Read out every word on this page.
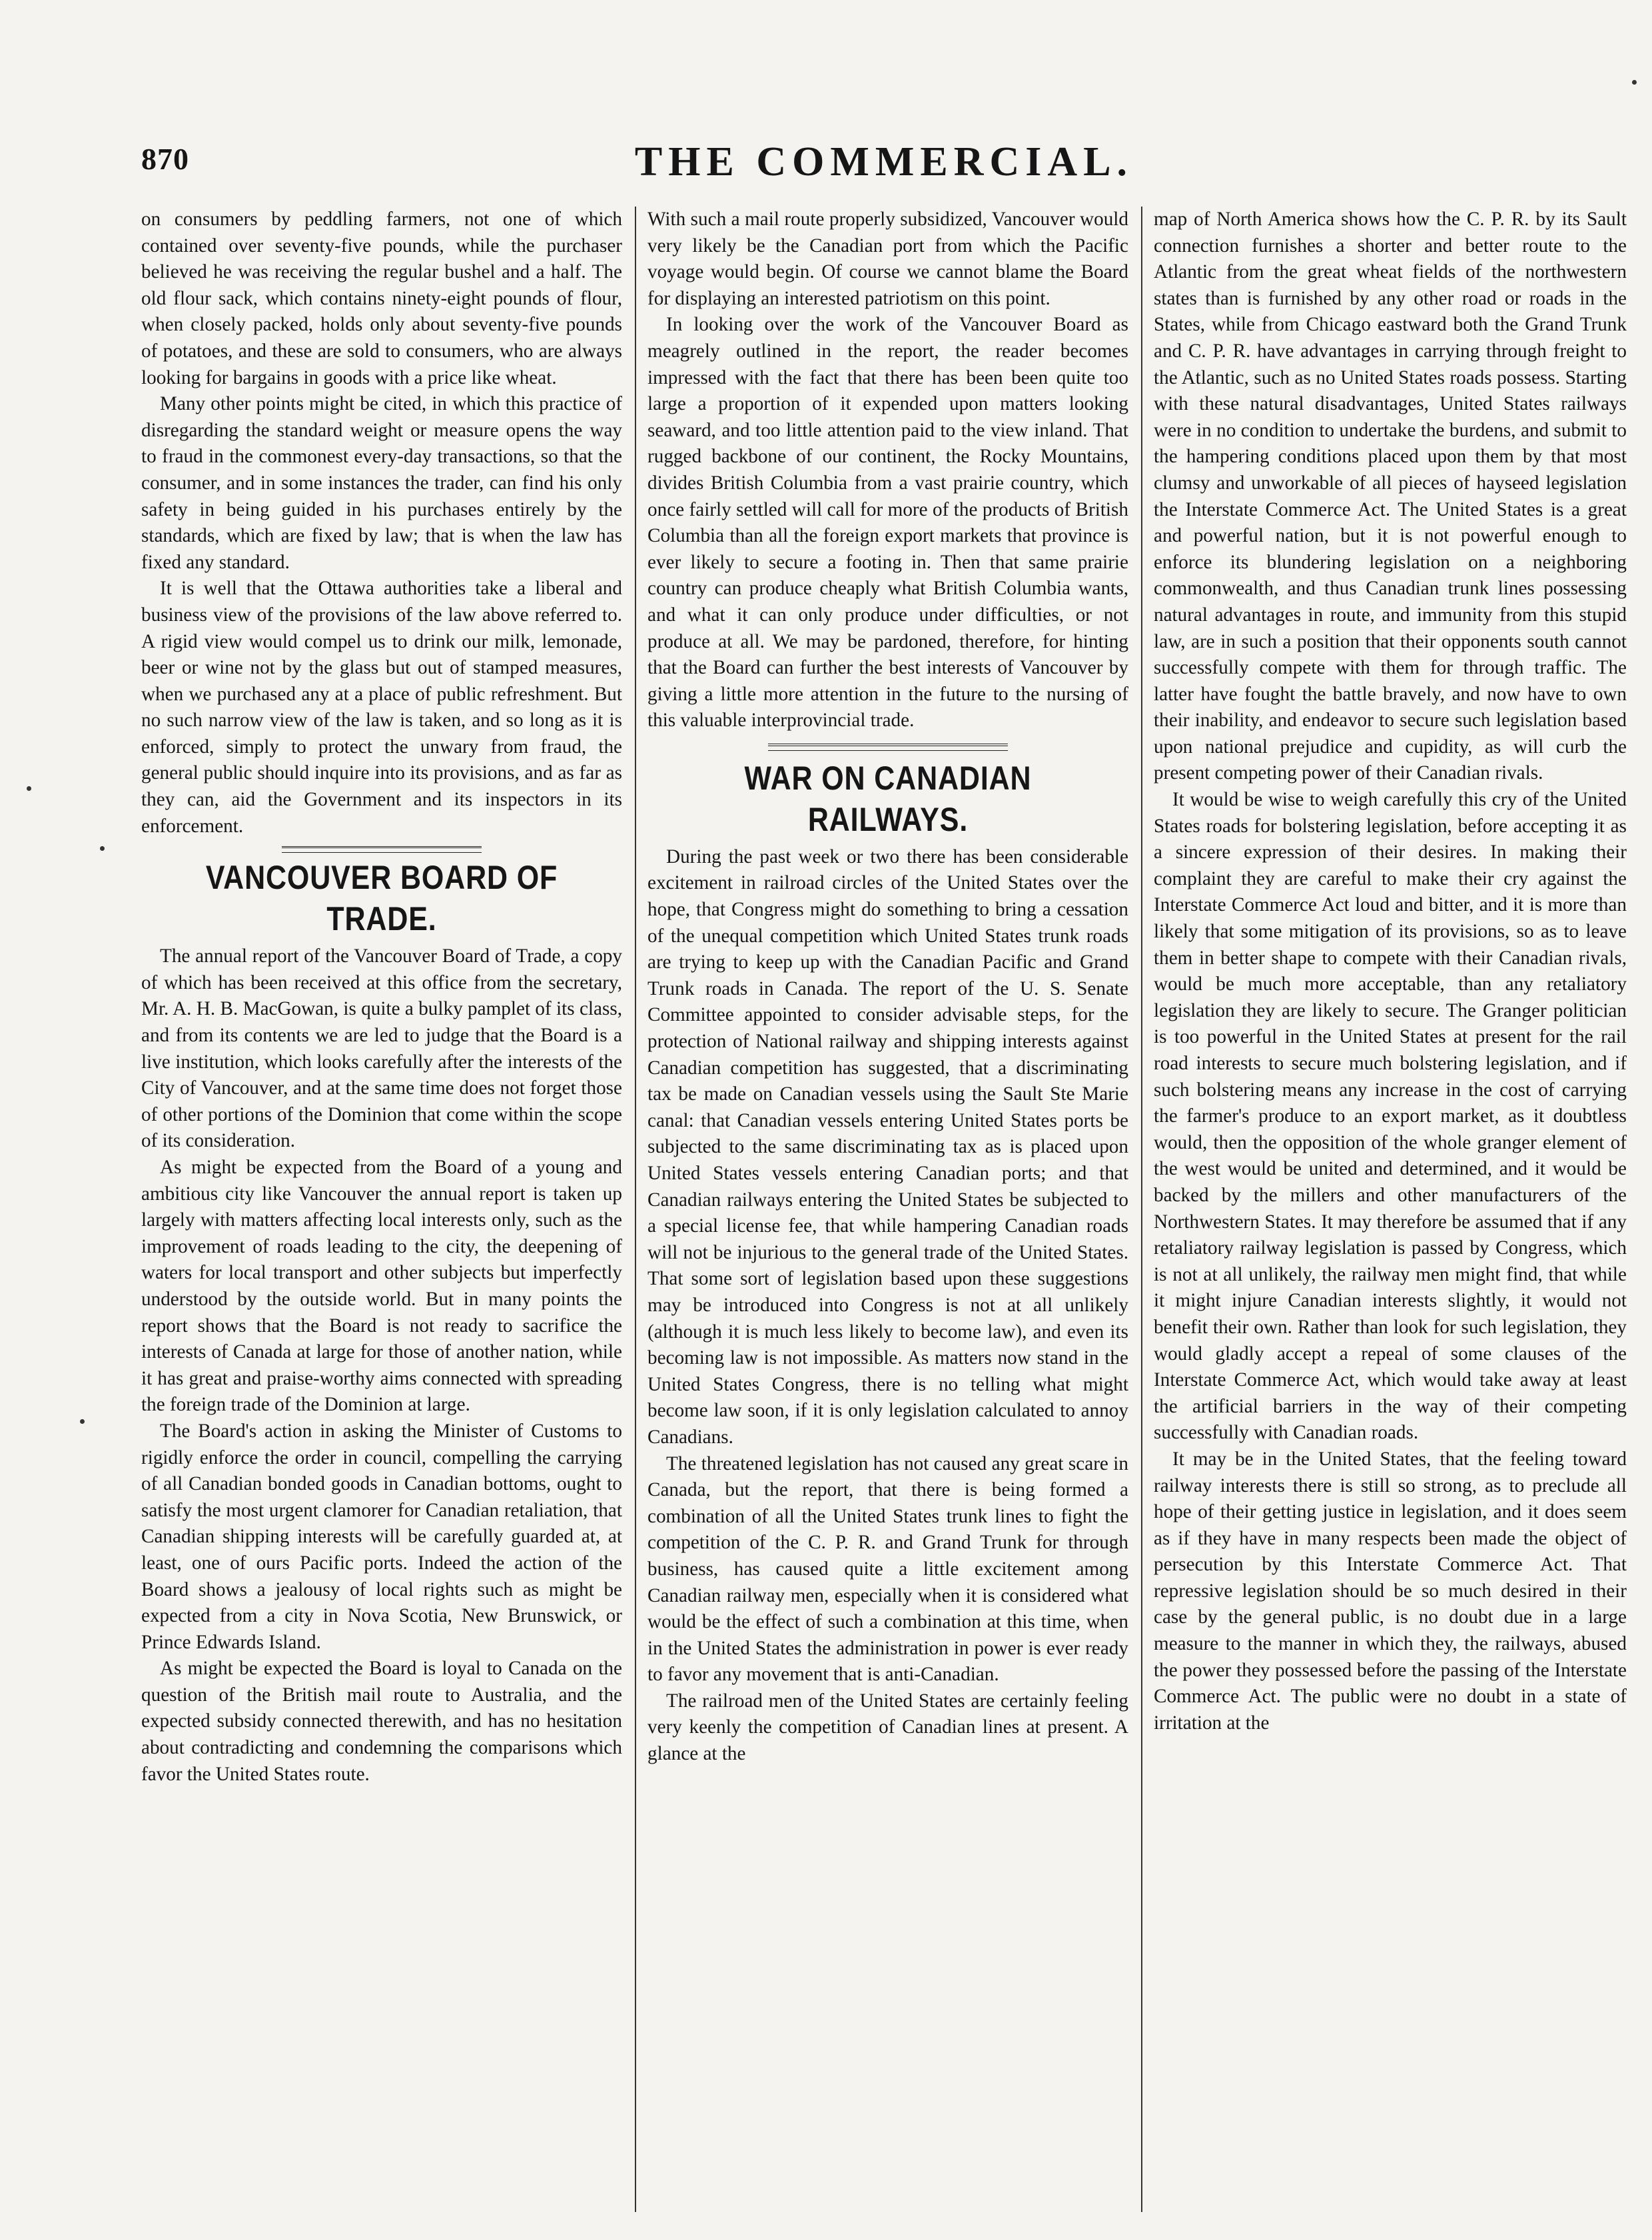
870	THE COMMERCIAL.

on consumers by peddling farmers, not one of which contained over seventy-five pounds, while the purchaser believed he was receiving the regular bushel and a half. The old flour sack, which contains ninety-eight pounds of flour, when closely packed, holds only about seventy-five pounds of potatoes, and these are sold to consumers, who are always looking for bargains in goods with a price like wheat.

Many other points might be cited, in which this practice of disregarding the standard weight or measure opens the way to fraud in the commonest every-day transactions, so that the consumer, and in some instances the trader, can find his only safety in being guided in his purchases entirely by the standards, which are fixed by law; that is when the law has fixed any standard.

It is well that the Ottawa authorities take a liberal and business view of the provisions of the law above referred to. A rigid view would compel us to drink our milk, lemonade, beer or wine not by the glass but out of stamped measures, when we purchased any at a place of public refreshment. But no such narrow view of the law is taken, and so long as it is enforced, simply to protect the unwary from fraud, the general public should inquire into its provisions, and as far as they can, aid the Government and its inspectors in its enforcement.

VANCOUVER BOARD OF TRADE.

The annual report of the Vancouver Board of Trade, a copy of which has been received at this office from the secretary, Mr. A. H. B. MacGowan, is quite a bulky pamplet of its class, and from its contents we are led to judge that the Board is a live institution, which looks carefully after the interests of the City of Vancouver, and at the same time does not forget those of other portions of the Dominion that come within the scope of its consideration.

As might be expected from the Board of a young and ambitious city like Vancouver the annual report is taken up largely with matters affecting local interests only, such as the improvement of roads leading to the city, the deepening of waters for local transport and other subjects but imperfectly understood by the outside world. But in many points the report shows that the Board is not ready to sacrifice the interests of Canada at large for those of another nation, while it has great and praise-worthy aims connected with spreading the foreign trade of the Dominion at large.

The Board's action in asking the Minister of Customs to rigidly enforce the order in council, compelling the carrying of all Canadian bonded goods in Canadian bottoms, ought to satisfy the most urgent clamorer for Canadian retaliation, that Canadian shipping interests will be carefully guarded at, at least, one of ours Pacific ports. Indeed the action of the Board shows a jealousy of local rights such as might be expected from a city in Nova Scotia, New Brunswick, or Prince Edwards Island.

As might be expected the Board is loyal to Canada on the question of the British mail route to Australia, and the expected subsidy connected therewith, and has no hesitation about contradicting and condemning the comparisons which favor the United States route.

With such a mail route properly subsidized, Vancouver would very likely be the Canadian port from which the Pacific voyage would begin. Of course we cannot blame the Board for displaying an interested patriotism on this point.

In looking over the work of the Vancouver Board as meagrely outlined in the report, the reader becomes impressed with the fact that there has been been quite too large a proportion of it expended upon matters looking seaward, and too little attention paid to the view inland. That rugged backbone of our continent, the Rocky Mountains, divides British Columbia from a vast prairie country, which once fairly settled will call for more of the products of British Columbia than all the foreign export markets that province is ever likely to secure a footing in. Then that same prairie country can produce cheaply what British Columbia wants, and what it can only produce under difficulties, or not produce at all. We may be pardoned, therefore, for hinting that the Board can further the best interests of Vancouver by giving a little more attention in the future to the nursing of this valuable interprovincial trade.

WAR ON CANADIAN RAILWAYS.

During the past week or two there has been considerable excitement in railroad circles of the United States over the hope, that Congress might do something to bring a cessation of the unequal competition which United States trunk roads are trying to keep up with the Canadian Pacific and Grand Trunk roads in Canada. The report of the U. S. Senate Committee appointed to consider advisable steps, for the protection of National railway and shipping interests against Canadian competition has suggested, that a discriminating tax be made on Canadian vessels using the Sault Ste Marie canal: that Canadian vessels entering United States ports be subjected to the same discriminating tax as is placed upon United States vessels entering Canadian ports; and that Canadian railways entering the United States be subjected to a special license fee, that while hampering Canadian roads will not be injurious to the general trade of the United States. That some sort of legislation based upon these suggestions may be introduced into Congress is not at all unlikely (although it is much less likely to become law), and even its becoming law is not impossible. As matters now stand in the United States Congress, there is no telling what might become law soon, if it is only legislation calculated to annoy Canadians.

The threatened legislation has not caused any great scare in Canada, but the report, that there is being formed a combination of all the United States trunk lines to fight the competition of the C. P. R. and Grand Trunk for through business, has caused quite a little excitement among Canadian railway men, especially when it is considered what would be the effect of such a combination at this time, when in the United States the administration in power is ever ready to favor any movement that is anti-Canadian.

The railroad men of the United States are certainly feeling very keenly the competition of Canadian lines at present. A glance at the

map of North America shows how the C. P. R. by its Sault connection furnishes a shorter and better route to the Atlantic from the great wheat fields of the northwestern states than is furnished by any other road or roads in the States, while from Chicago eastward both the Grand Trunk and C. P. R. have advantages in carrying through freight to the Atlantic, such as no United States roads possess. Starting with these natural disadvantages, United States railways were in no condition to undertake the burdens, and submit to the hampering conditions placed upon them by that most clumsy and unworkable of all pieces of hayseed legislation the Interstate Commerce Act. The United States is a great and powerful nation, but it is not powerful enough to enforce its blundering legislation on a neighboring commonwealth, and thus Canadian trunk lines possessing natural advantages in route, and immunity from this stupid law, are in such a position that their opponents south cannot successfully compete with them for through traffic. The latter have fought the battle bravely, and now have to own their inability, and endeavor to secure such legislation based upon national prejudice and cupidity, as will curb the present competing power of their Canadian rivals.

It would be wise to weigh carefully this cry of the United States roads for bolstering legislation, before accepting it as a sincere expression of their desires. In making their complaint they are careful to make their cry against the Interstate Commerce Act loud and bitter, and it is more than likely that some mitigation of its provisions, so as to leave them in better shape to compete with their Canadian rivals, would be much more acceptable, than any retaliatory legislation they are likely to secure. The Granger politician is too powerful in the United States at present for the rail road interests to secure much bolstering legislation, and if such bolstering means any increase in the cost of carrying the farmer's produce to an export market, as it doubtless would, then the opposition of the whole granger element of the west would be united and determined, and it would be backed by the millers and other manufacturers of the Northwestern States. It may therefore be assumed that if any retaliatory railway legislation is passed by Congress, which is not at all unlikely, the railway men might find, that while it might injure Canadian interests slightly, it would not benefit their own. Rather than look for such legislation, they would gladly accept a repeal of some clauses of the Interstate Commerce Act, which would take away at least the artificial barriers in the way of their competing successfully with Canadian roads.

It may be in the United States, that the feeling toward railway interests there is still so strong, as to preclude all hope of their getting justice in legislation, and it does seem as if they have in many respects been made the object of persecution by this Interstate Commerce Act. That repressive legislation should be so much desired in their case by the general public, is no doubt due in a large measure to the manner in which they, the railways, abused the power they possessed before the passing of the Interstate Commerce Act. The public were no doubt in a state of irritation at the
